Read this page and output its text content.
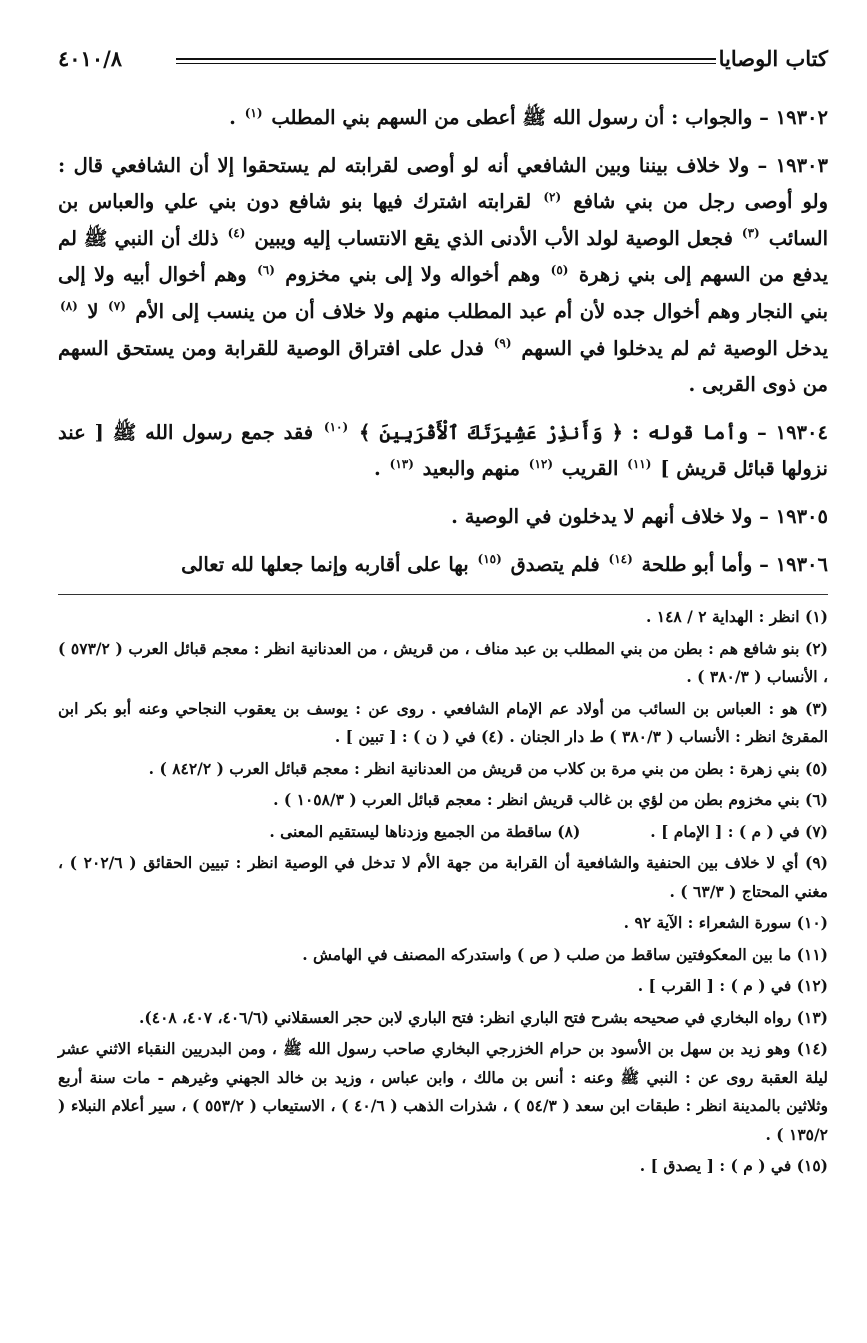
كتاب الوصايا
٤٠١٠/٨

١٩٣٠٢ – والجواب : أن رسول الله ﷺ أعطى من السهم بني المطلب $^{(١)}$ .

١٩٣٠٣ – ولا خلاف بيننا وبين الشافعي أنه لو أوصى لقرابته لم يستحقوا إلا أن الشافعي قال : ولو أوصى رجل من بني شافع $^{(٢)}$ لقرابته اشترك فيها بنو شافع دون بني علي والعباس بن السائب $^{(٣)}$ فجعل الوصية لولد الأب الأدنى الذي يقع الانتساب إليه ويبين $^{(٤)}$ ذلك أن النبي ﷺ لم يدفع من السهم إلى بني زهرة $^{(٥)}$ وهم أخواله ولا إلى بني مخزوم $^{(٦)}$ وهم أخوال أبيه ولا إلى بني النجار وهم أخوال جده لأن أم عبد المطلب منهم ولا خلاف أن من ينسب إلى الأم $^{(٧)}$ لا $^{(٨)}$ يدخل الوصية ثم لم يدخلوا في السهم $^{(٩)}$ فدل على افتراق الوصية للقرابة ومن يستحق السهم من ذوى القربى .

١٩٣٠٤ – وأما قوله : ﴿ وَأَنذِرْ عَشِيرَتَكَ ٱلْأَقْرَبِينَ ﴾ $^{(١٠)}$ فقد جمع رسول الله ﷺ [ عند نزولها قبائل قريش ] $^{(١١)}$ القريب $^{(١٢)}$ منهم والبعيد $^{(١٣)}$ .

١٩٣٠٥ – ولا خلاف أنهم لا يدخلون في الوصية .

١٩٣٠٦ – وأما أبو طلحة $^{(١٤)}$ فلم يتصدق $^{(١٥)}$ بها على أقاربه وإنما جعلها لله تعالى

(١) انظر : الهداية ٢ / ١٤٨ .

(٢) بنو شافع هم : بطن من بني المطلب بن عبد مناف ، من قريش ، من العدنانية انظر : معجم قبائل العرب ( ٥٧٣/٢ ) ، الأنساب ( ٣٨٠/٣ ) .

(٣) هو : العباس بن السائب من أولاد عم الإمام الشافعي . روى عن : يوسف بن يعقوب النجاحي وعنه أبو بكر ابن المقرئ انظر : الأنساب ( ٣٨٠/٣ ) ط دار الجنان . (٤) في ( ن ) : [ تبين ] .

(٥) بني زهرة : بطن من بني مرة بن كلاب من قريش من العدنانية انظر : معجم قبائل العرب ( ٨٤٢/٢ ) .

(٦) بني مخزوم بطن من لؤي بن غالب قريش انظر : معجم قبائل العرب ( ١٠٥٨/٣ ) .

(٧) في ( م ) : [ الإمام ] .
(٨) ساقطة من الجميع وزدناها ليستقيم المعنى .

(٩) أي لا خلاف بين الحنفية والشافعية أن القرابة من جهة الأم لا تدخل في الوصية انظر : تبيين الحقائق ( ٢٠٢/٦ ) ، مغني المحتاج ( ٦٣/٣ ) .

(١٠) سورة الشعراء : الآية ٩٢ .

(١١) ما بين المعكوفتين ساقط من صلب ( ص ) واستدركه المصنف في الهامش .

(١٢) في ( م ) : [ القرب ] .

(١٣) رواه البخاري في صحيحه بشرح فتح الباري انظر: فتح الباري لابن حجر العسقلاني (٤٠٦/٦، ٤٠٧، ٤٠٨).

(١٤) وهو زيد بن سهل بن الأسود بن حرام الخزرجي البخاري صاحب رسول الله ﷺ ، ومن البدريين النقباء الاثني عشر ليلة العقبة روى عن : النبي ﷺ وعنه : أنس بن مالك ، وابن عباس ، وزيد بن خالد الجهني وغيرهم - مات سنة أربع وثلاثين بالمدينة انظر : طبقات ابن سعد ( ٥٤/٣ ) ، شذرات الذهب ( ٤٠/٦ ) ، الاستيعاب ( ٥٥٣/٢ ) ، سير أعلام النبلاء ( ١٣٥/٢ ) .

(١٥) في ( م ) : [ يصدق ] .
